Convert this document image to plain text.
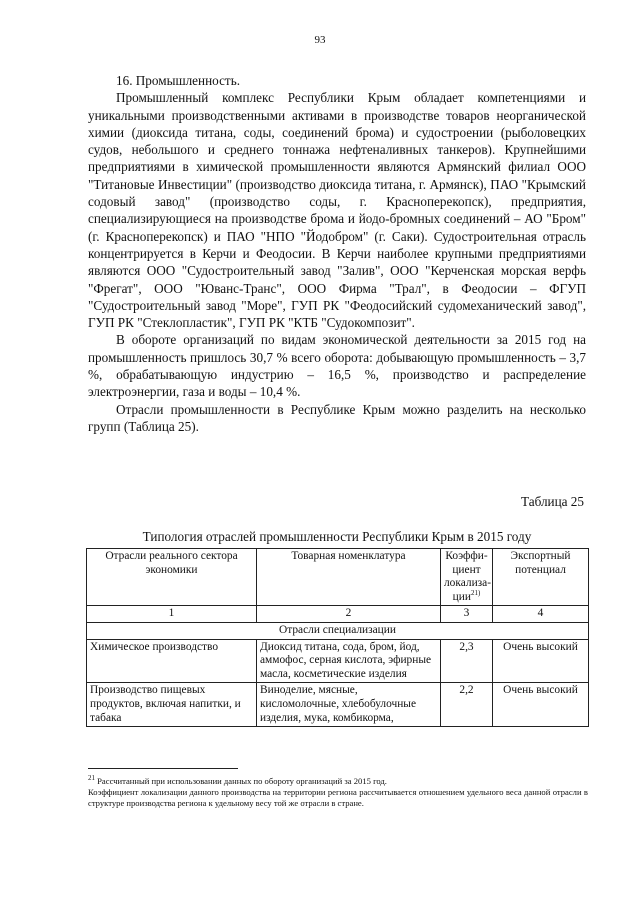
93

16. Промышленность.

Промышленный комплекс Республики Крым обладает компетенциями и уникальными производственными активами в производстве товаров неорганической химии (диоксида титана, соды, соединений брома) и судостроении (рыболовецких судов, небольшого и среднего тоннажа нефтеналивных танкеров). Крупнейшими предприятиями в химической промышленности являются Армянский филиал ООО "Титановые Инвестиции" (производство диоксида титана, г. Армянск), ПАО "Крымский содовый завод" (производство соды, г. Красноперекопск), предприятия, специализирующиеся на производстве брома и йодо-бромных соединений – АО "Бром" (г. Красноперекопск) и ПАО "НПО "Йодобром" (г. Саки). Судостроительная отрасль концентрируется в Керчи и Феодосии. В Керчи наиболее крупными предприятиями являются ООО "Судостроительный завод "Залив", ООО "Керченская морская верфь "Фрегат", ООО "Юванс-Транс", ООО Фирма "Трал", в Феодосии – ФГУП "Судостроительный завод "Море", ГУП РК "Феодосийский судомеханический завод", ГУП РК "Стеклопластик", ГУП РК "КТБ "Судокомпозит".

В обороте организаций по видам экономической деятельности за 2015 год на промышленность пришлось 30,7 % всего оборота: добывающую промышленность – 3,7 %, обрабатывающую индустрию – 16,5 %, производство и распределение электроэнергии, газа и воды – 10,4 %.

Отрасли промышленности в Республике Крым можно разделить на несколько групп (Таблица 25).

Таблица 25
Типология отраслей промышленности Республики Крым в 2015 году
Отрасли реального сектора экономики	Товарная номенклатура	Коэффи-циент локализа-ции$^{21)}$	Экспортный потенциал
1	2	3	4
Отрасли специализации			
Химическое производство	Диоксид титана, сода, бром, йод, аммофос, серная кислота, эфирные масла, косметические изделия	2,3	Очень высокий
Производство пищевых продуктов, включая напитки, и табака	Виноделие, мясные, кисломолочные, хлебобулочные изделия, мука, комбикорма,	2,2	Очень высокий

$^{21}$ Рассчитанный при использовании данных по обороту организаций за 2015 год.

Коэффициент локализации данного производства на территории региона рассчитывается отношением удельного веса данной отрасли в структуре производства региона к удельному весу той же отрасли в стране.
